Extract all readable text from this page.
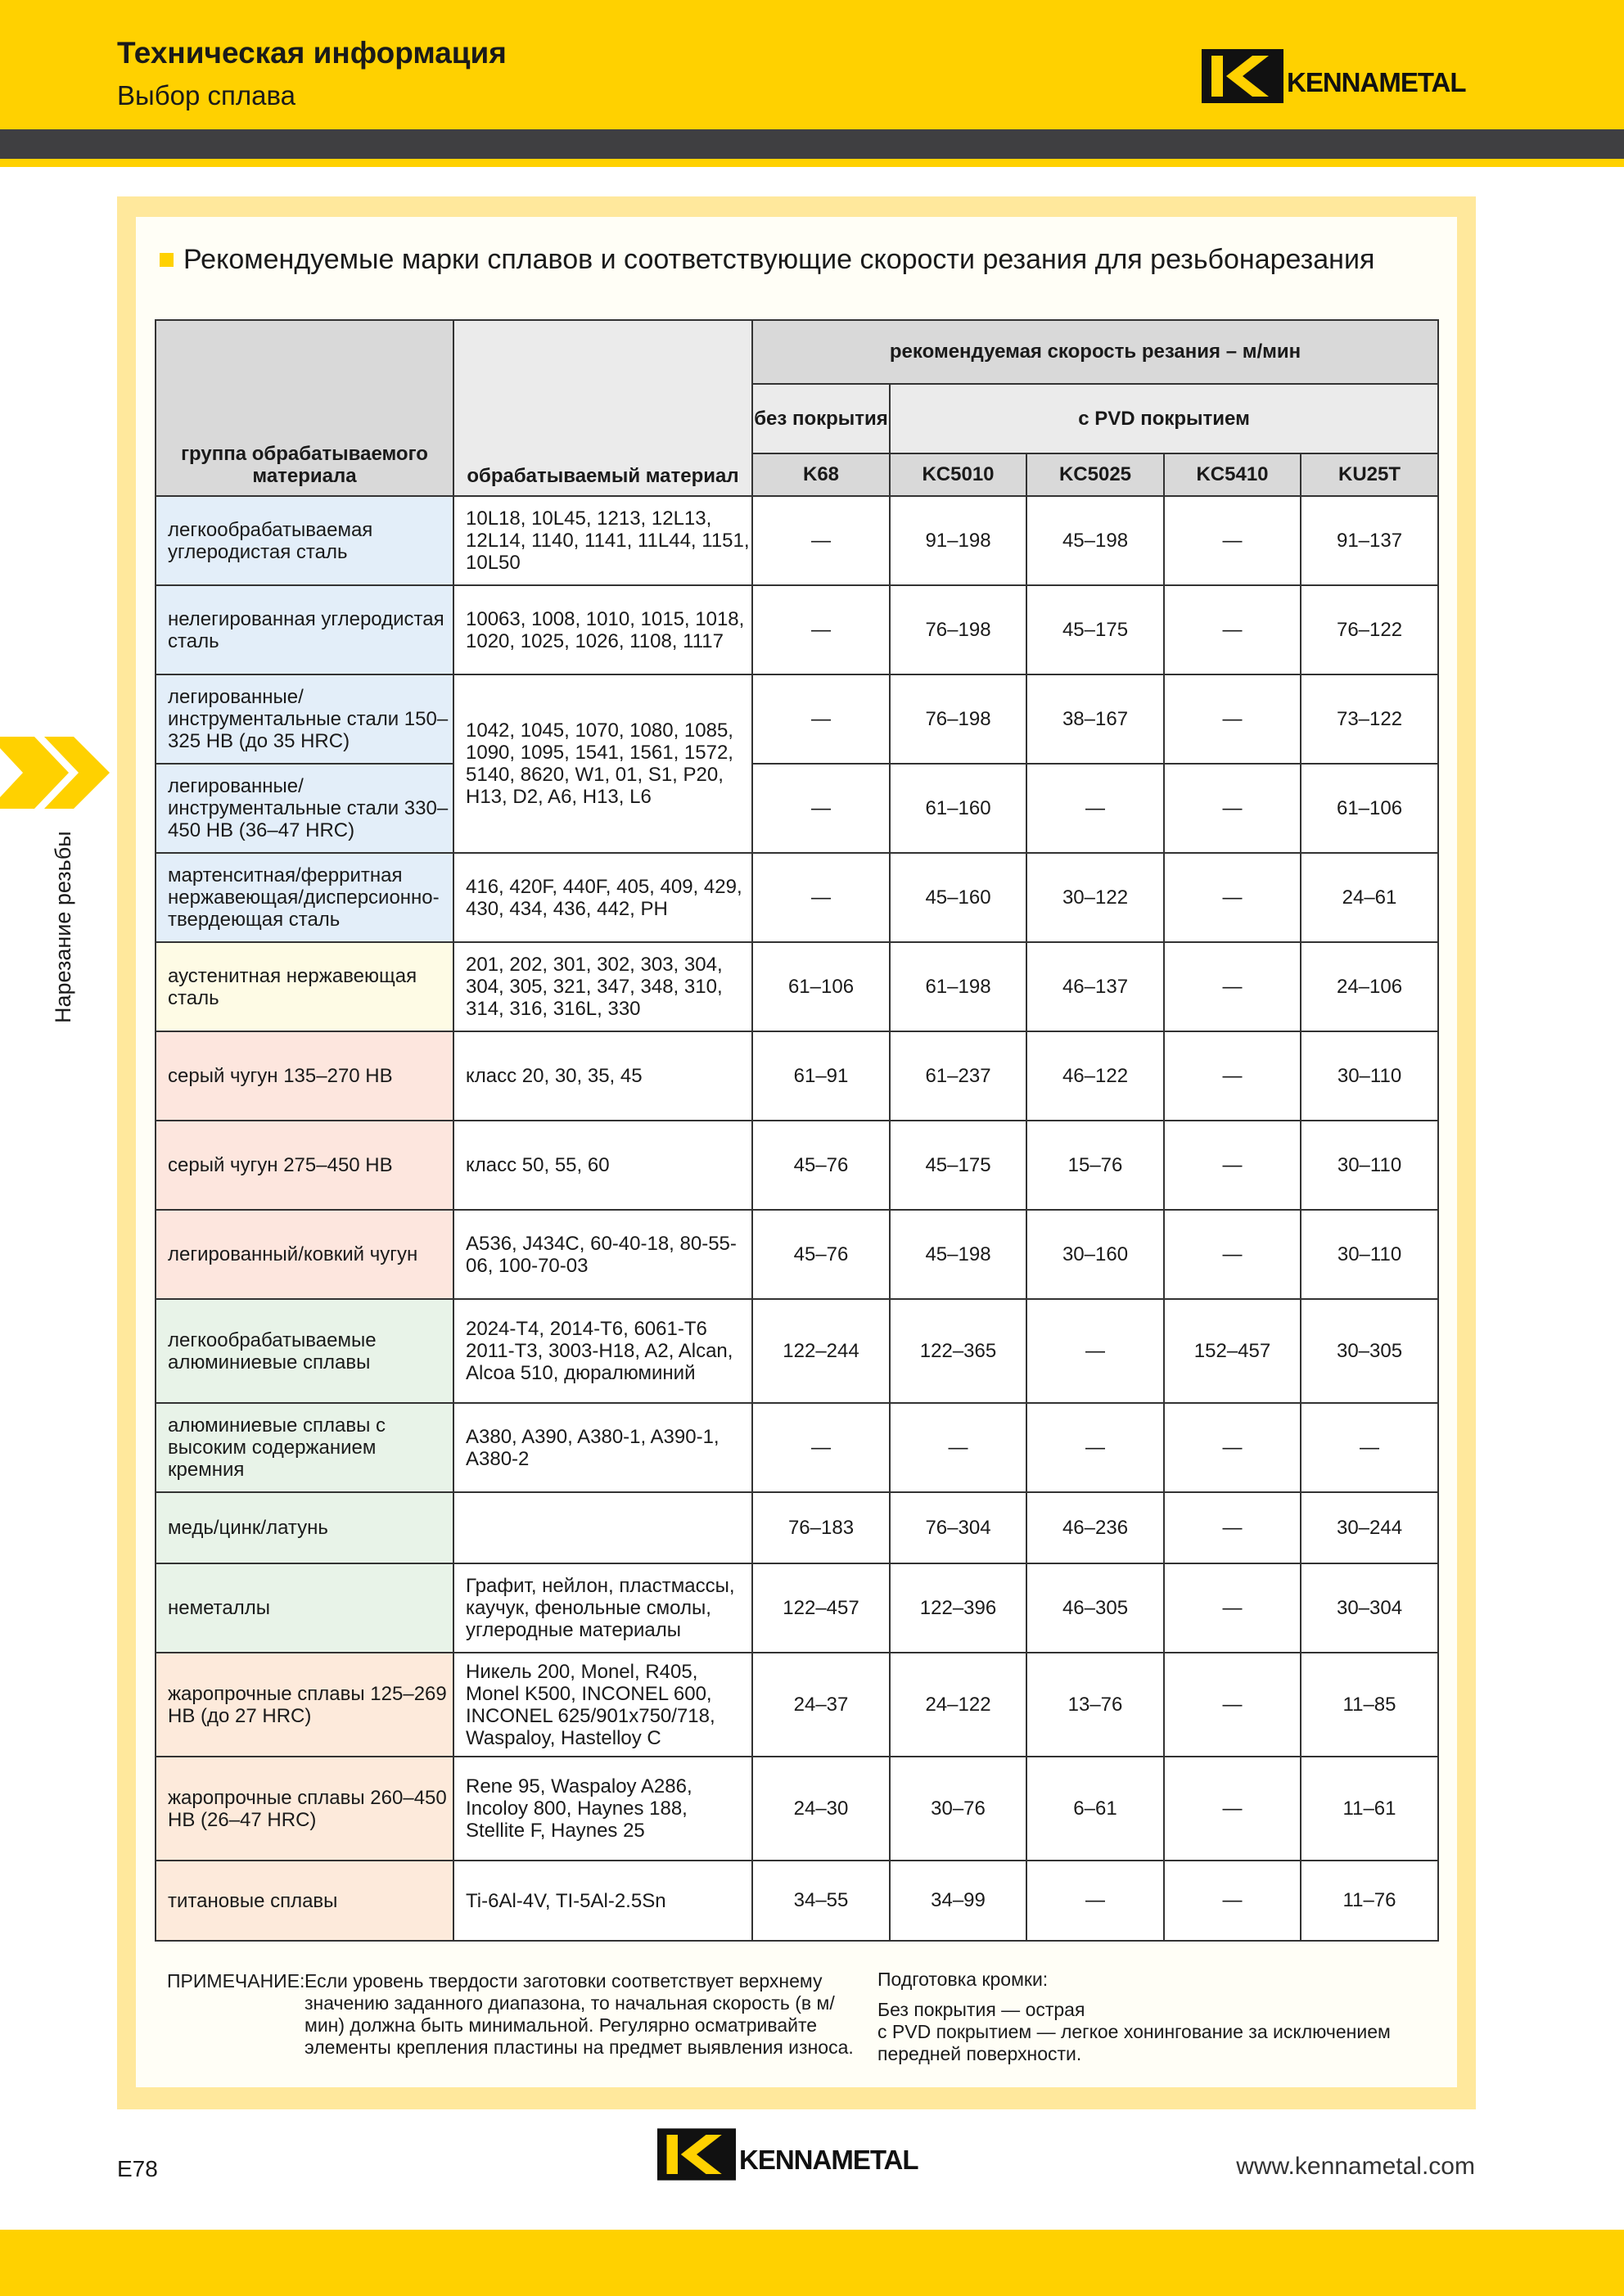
Техническая информация
Выбор сплава	KENNAMETAL
Нарезание резьбы
Рекомендуемые марки сплавов и соответствующие скорости резания для резьбонарезания
группа обрабатываемого материала	обрабатываемый материал	рекомендуемая скорость резания – м/мин				
		без покрытия	с PVD покрытием			
		K68	KC5010	KC5025	KC5410	KU25T
легкообрабатываемая углеродистая сталь	10L18, 10L45, 1213, 12L13, 12L14, 1140, 1141, 11L44, 1151, 10L50	—	91–198	45–198	—	91–137
нелегированная углеродистая сталь	10063, 1008, 1010, 1015, 1018, 1020, 1025, 1026, 1108, 1117	—	76–198	45–175	—	76–122
легированные/инструментальные стали 150–325 HB (до 35 HRC)	1042, 1045, 1070, 1080, 1085, 1090, 1095, 1541, 1561, 1572, 5140, 8620, W1, 01, S1, P20, H13, D2, A6, H13, L6	—	76–198	38–167	—	73–122
легированные/инструментальные стали 330–450 HB (36–47 HRC)		—	61–160	—	—	61–106
мартенситная/ферритная нержавеющая/дисперсионно-твердеющая сталь	416, 420F, 440F, 405, 409, 429, 430, 434, 436, 442, PH	—	45–160	30–122	—	24–61
аустенитная нержавеющая сталь	201, 202, 301, 302, 303, 304, 304, 305, 321, 347, 348, 310, 314, 316, 316L, 330	61–106	61–198	46–137	—	24–106
серый чугун 135–270 HB	класс 20, 30, 35, 45	61–91	61–237	46–122	—	30–110
серый чугун 275–450 HB	класс 50, 55, 60	45–76	45–175	15–76	—	30–110
легированный/ковкий чугун	A536, J434C, 60-40-18, 80-55-06, 100-70-03	45–76	45–198	30–160	—	30–110
легкообрабатываемые алюминиевые сплавы	2024-T4, 2014-T6, 6061-T6 2011-T3, 3003-H18, A2, Alcan, Alcoa 510, дюралюминий	122–244	122–365	—	152–457	30–305
алюминиевые сплавы с высоким содержанием кремния	A380, A390, A380-1, A390-1, A380-2	—	—	—	—	—
медь/цинк/латунь		76–183	76–304	46–236	—	30–244
неметаллы	Графит, нейлон, пластмассы, каучук, фенольные смолы, углеродные материалы	122–457	122–396	46–305	—	30–304
жаропрочные сплавы 125–269 HB (до 27 HRC)	Никель 200, Monel, R405, Monel K500, INCONEL 600, INCONEL 625/901x750/718, Waspaloy, Hastelloy C	24–37	24–122	13–76	—	11–85
жаропрочные сплавы 260–450 HB (26–47 HRC)	Rene 95, Waspaloy A286, Incoloy 800, Haynes 188, Stellite F, Haynes 25	24–30	30–76	6–61	—	11–61
титановые сплавы	Ti-6Al-4V, TI-5Al-2.5Sn	34–55	34–99	—	—	11–76
ПРИМЕЧАНИЕ: Если уровень твердости заготовки соответствует верхнему значению заданного диапазона, то начальная скорость (в м/мин) должна быть минимальной. Регулярно осматривайте элементы крепления пластины на предмет выявления износа.
Подготовка кромки:
Без покрытия — острая
с PVD покрытием — легкое хонингование за исключением передней поверхности.
E78	KENNAMETAL	www.kennametal.com
